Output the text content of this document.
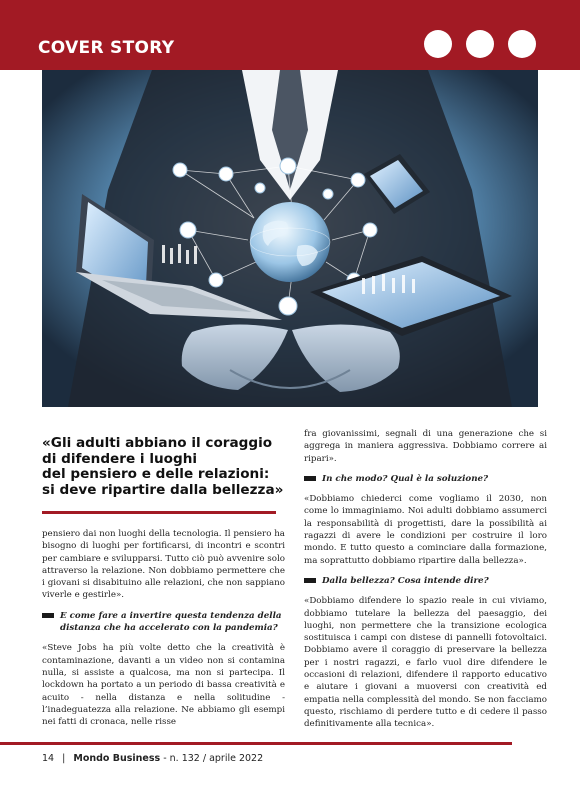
COVER STORY
«Gli adulti abbiano il coraggio
di difendere i luoghi
del pensiero e delle relazioni:
si deve ripartire dalla bellezza»

pensiero dai non luoghi della tecnologia. Il pensiero ha bisogno di luoghi per fortificarsi, di incontri e scontri per cambiare e svilupparsi. Tutto ciò può avvenire solo attraverso la relazione. Non dobbiamo permettere che i giovani si disabituino alle relazioni, che non sappiano viverle e gestirle».

E come fare a invertire questa tendenza della distanza che ha accelerato con la pandemia?

«Steve Jobs ha più volte detto che la creatività è contaminazione, davanti a un video non si contamina nulla, si assiste a qualcosa, ma non si partecipa. Il lockdown ha portato a un periodo di bassa creatività e acuito - nella distanza e nella solitudine - l’inadeguatezza alla relazione. Ne abbiamo gli esempi nei fatti di cronaca, nelle risse

fra giovanissimi, segnali di una generazione che si aggrega in maniera aggressiva. Dobbiamo correre ai ripari».

In che modo? Qual è la soluzione?

«Dobbiamo chiederci come vogliamo il 2030, non come lo immaginiamo. Noi adulti dobbiamo assumerci la responsabilità di progettisti, dare la possibilità ai ragazzi di avere le condizioni per costruire il loro mondo. E tutto questo a cominciare dalla formazione, ma soprattutto dobbiamo ripartire dalla bellezza».

Dalla bellezza? Cosa intende dire?

«Dobbiamo difendere lo spazio reale in cui viviamo, dobbiamo tutelare la bellezza del paesaggio, dei luoghi, non permettere che la transizione ecologica sostituisca i campi con distese di pannelli fotovoltaici. Dobbiamo avere il coraggio di preservare la bellezza per i nostri ragazzi, e farlo vuol dire difendere le occasioni di relazioni, difendere il rapporto educativo e aiutare i giovani a muoversi con creatività ed empatia nella complessità del mondo. Se non facciamo questo, rischiamo di perdere tutto e di cedere il passo definitivamente alla tecnica».

14 | Mondo Business - n. 132 / aprile 2022
